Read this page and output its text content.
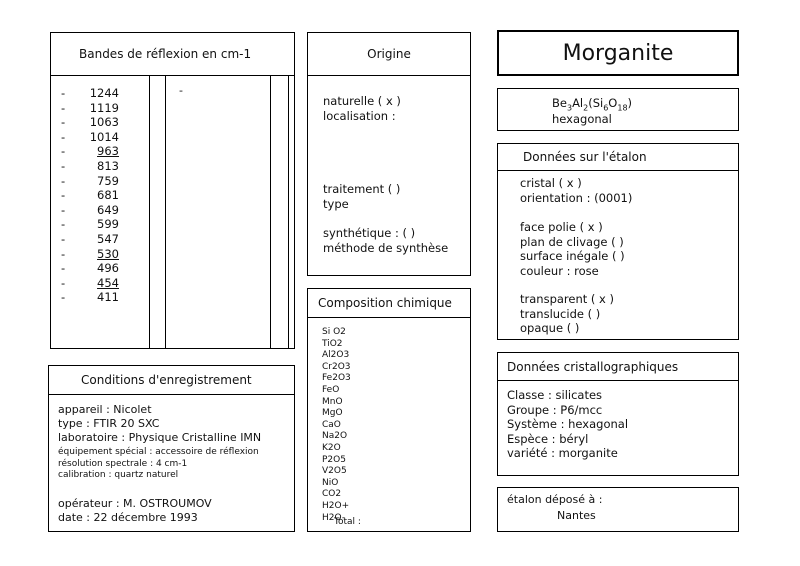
Bandes de réflexion en cm-1
-	1244
-	1119
-	1063
-	1014
-	963
-	813
-	759
-	681
-	649
-	599
-	547
-	530
-	496
-	454
-	411
-
Origine
naturelle ( x )
localisation :
traitement ( )
type
synthétique : ( )
méthode de synthèse
Morganite
$Be_3Al_2(Si_6O_{18})$
hexagonal
Données sur l'étalon
cristal ( x )
orientation : (0001)
face polie ( x )
plan de clivage ( )
surface inégale ( )
couleur : rose
transparent ( x )
translucide ( )
opaque ( )
Composition chimique
Si O2
TiO2
Al2O3
Cr2O3
Fe2O3
FeO
MnO
MgO
CaO
Na2O
K2O
P2O5
V2O5
NiO
CO2
H2O+
H2O-
Total :
Conditions d'enregistrement
appareil : Nicolet
type : FTIR 20 SXC
laboratoire : Physique Cristalline IMN
équipement spécial : accessoire de réflexion
résolution spectrale : 4 cm-1
calibration : quartz naturel
opérateur : M. OSTROUMOV
date : 22 décembre 1993
Données cristallographiques
Classe : silicates
Groupe : P6/mcc
Système : hexagonal
Espèce : béryl
variété : morganite
étalon déposé à :
Nantes
